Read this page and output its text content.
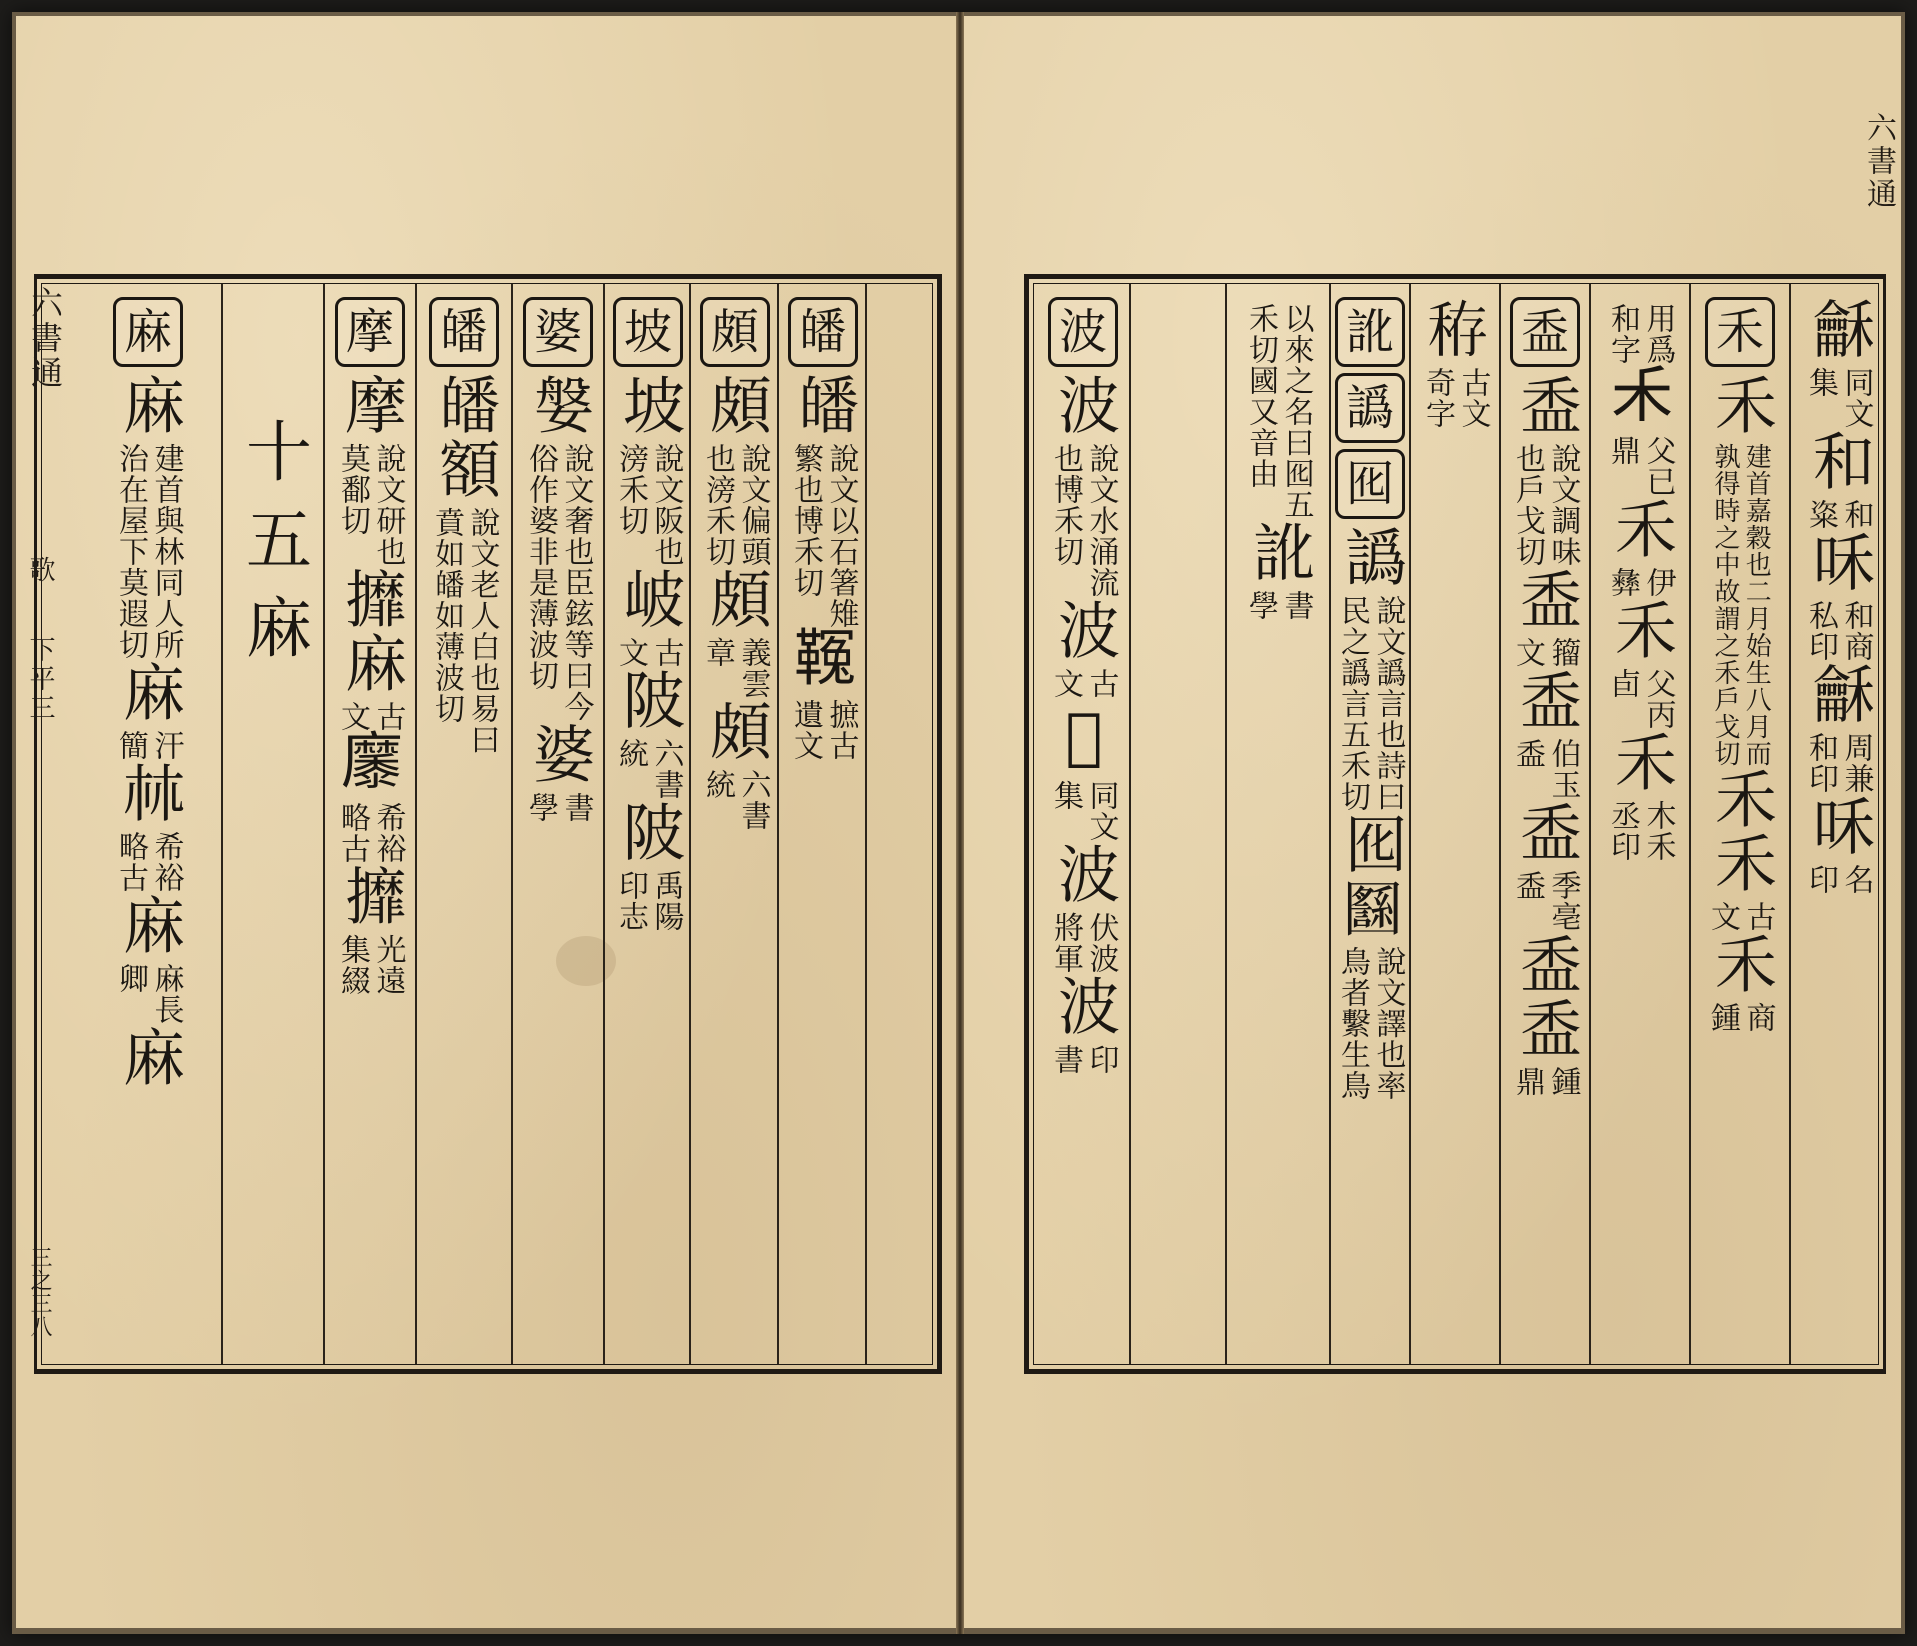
皤
皤
說文以石箸雉
繁也博禾切
𩌑
摭古
遺文
頗
頗
說文偏頭
也滂禾切
頗
義雲
章
頗
六書
統
坡
坡
說文阪也
滂禾切
岥
古
文
陂
六書
統
陂
禹陽
印志
婆
媻
說文奢也臣鉉等曰今
俗作婆非是薄波切
婆
書
學
皤
皤
額
說文老人白也易曰
賁如皤如薄波切
摩
摩
說文研也
莫鄱切
攠
麻
古
文
𪎭
希裕
略古
攠
光遠
集綴
十五麻
麻
麻
建首與林同人所
治在屋下莫遐切
麻
汗
簡
𣏟
希裕
略古
麻
麻長
卿
麻
六書通
歌
下平三
三之三八
六書通
龢
同文
集
和
和
粢
咊
和商
私印
龢
周兼
和印
咊
名
印
禾
禾
建首嘉穀也二月始生八月而
孰得時之中故謂之禾戶戈切
禾
禾
古
文
禾
商
鍾
用爲
和字
𥝌
父已
鼎
禾
伊
彝
禾
父丙
卣
禾
木禾
丞印
盉
盉
說文調味
也戶戈切
盉
籀
文
盉
伯玉
盉
盉
季亳
盉
盉
盉
鍾
鼎
𥞘
古文
奇字
訛
譌
囮
譌
說文譌言也詩曰
民之譌言五禾切
囮
𡈸
說文譯也率
鳥者繫生鳥
以來之名曰囮五
禾切國又音由
訛
書
學
波
波
說文水涌流
也博禾切
波
古
文
𣵰
同文
集
波
伏波
將軍
波
印
書
